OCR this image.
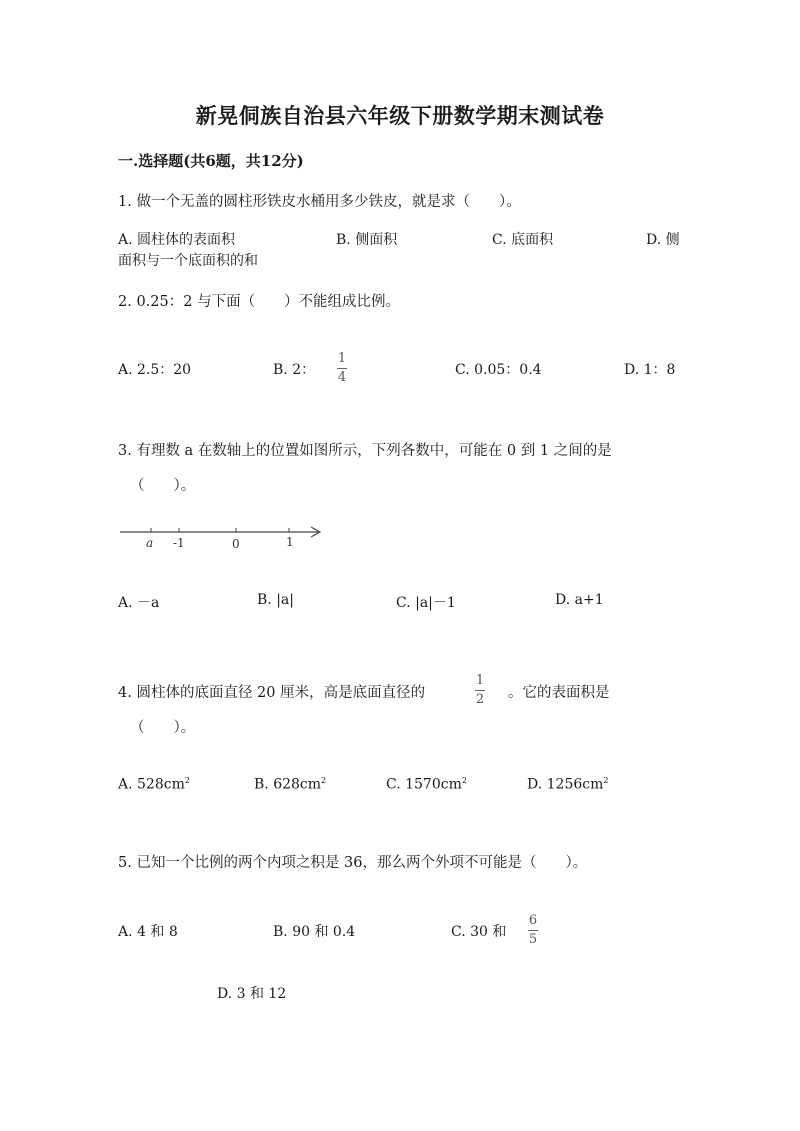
新晃侗族自治县六年级下册数学期末测试卷
一.选择题(共6题，共12分)
1. 做一个无盖的圆柱形铁皮水桶用多少铁皮，就是求（　　）。
A. 圆柱体的表面积	B. 侧面积	C. 底面积	D. 侧
面积与一个底面积的和
2. 0.25：2 与下面（　　）不能组成比例。
A. 2.5：20	B. 2：
1
4	C. 0.05：0.4	D. 1：8
3. 有理数 a 在数轴上的位置如图所示，下列各数中，可能在 0 到 1 之间的是
（　　）。
a -1	0	1
A. －a	B. |a|	C. |a|－1	D. a+1
4. 圆柱体的底面直径 20 厘米，高是底面直径的
1
2 。它的表面积是
（　　）。
A. $528cm^2$	B. $628cm^2$	C. $1570cm^2$	D. $1256cm^2$
5. 已知一个比例的两个内项之积是 36，那么两个外项不可能是（　　）。
A. 4 和 8	B. 90 和 0.4	C. 30 和
6
5
D. 3 和 12
